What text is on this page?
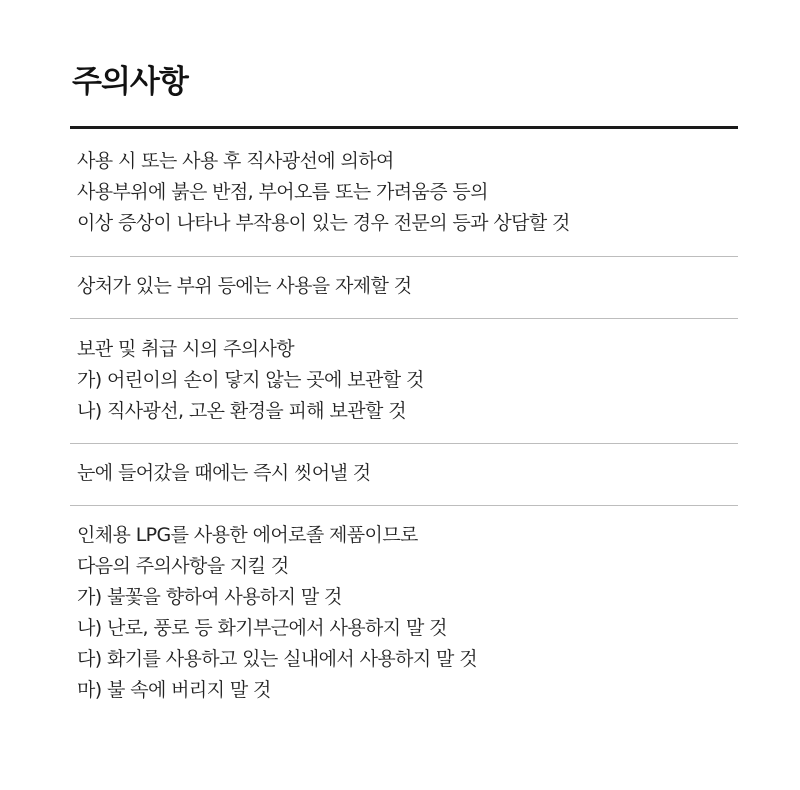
주의사항
사용 시 또는 사용 후 직사광선에 의하여
사용부위에 붉은 반점, 부어오름 또는 가려움증 등의
이상 증상이 나타나 부작용이 있는 경우 전문의 등과 상담할 것
상처가 있는 부위 등에는 사용을 자제할 것
보관 및 취급 시의 주의사항
가) 어린이의 손이 닿지 않는 곳에 보관할 것
나) 직사광선, 고온 환경을 피해 보관할 것
눈에 들어갔을 때에는 즉시 씻어낼 것
인체용 LPG를 사용한 에어로졸 제품이므로
다음의 주의사항을 지킬 것
가) 불꽃을 향하여 사용하지 말 것
나) 난로, 풍로 등 화기부근에서 사용하지 말 것
다) 화기를 사용하고 있는 실내에서 사용하지 말 것
마) 불 속에 버리지 말 것
